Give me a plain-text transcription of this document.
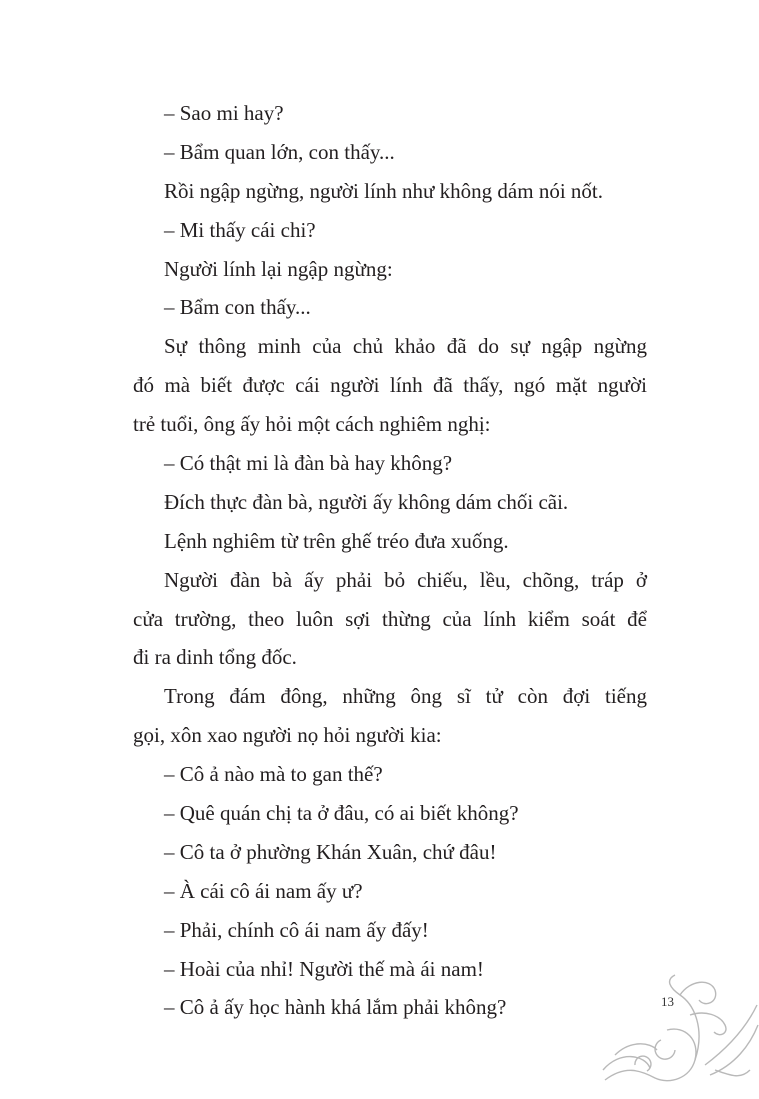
– Sao mi hay?
– Bẩm quan lớn, con thấy...
Rồi ngập ngừng, người lính như không dám nói nốt.
– Mi thấy cái chi?
Người lính lại ngập ngừng:
– Bẩm con thấy...
Sự thông minh của chủ khảo đã do sự ngập ngừng
đó mà biết được cái người lính đã thấy, ngó mặt người
trẻ tuổi, ông ấy hỏi một cách nghiêm nghị:
– Có thật mi là đàn bà hay không?
Đích thực đàn bà, người ấy không dám chối cãi.
Lệnh nghiêm từ trên ghế tréo đưa xuống.
Người đàn bà ấy phải bỏ chiếu, lều, chõng, tráp ở
cửa trường, theo luôn sợi thừng của lính kiểm soát để
đi ra dinh tổng đốc.
Trong đám đông, những ông sĩ tử còn đợi tiếng
gọi, xôn xao người nọ hỏi người kia:
– Cô ả nào mà to gan thế?
– Quê quán chị ta ở đâu, có ai biết không?
– Cô ta ở phường Khán Xuân, chứ đâu!
– À cái cô ái nam ấy ư?
– Phải, chính cô ái nam ấy đấy!
– Hoài của nhỉ! Người thế mà ái nam!
– Cô ả ấy học hành khá lắm phải không?	13
